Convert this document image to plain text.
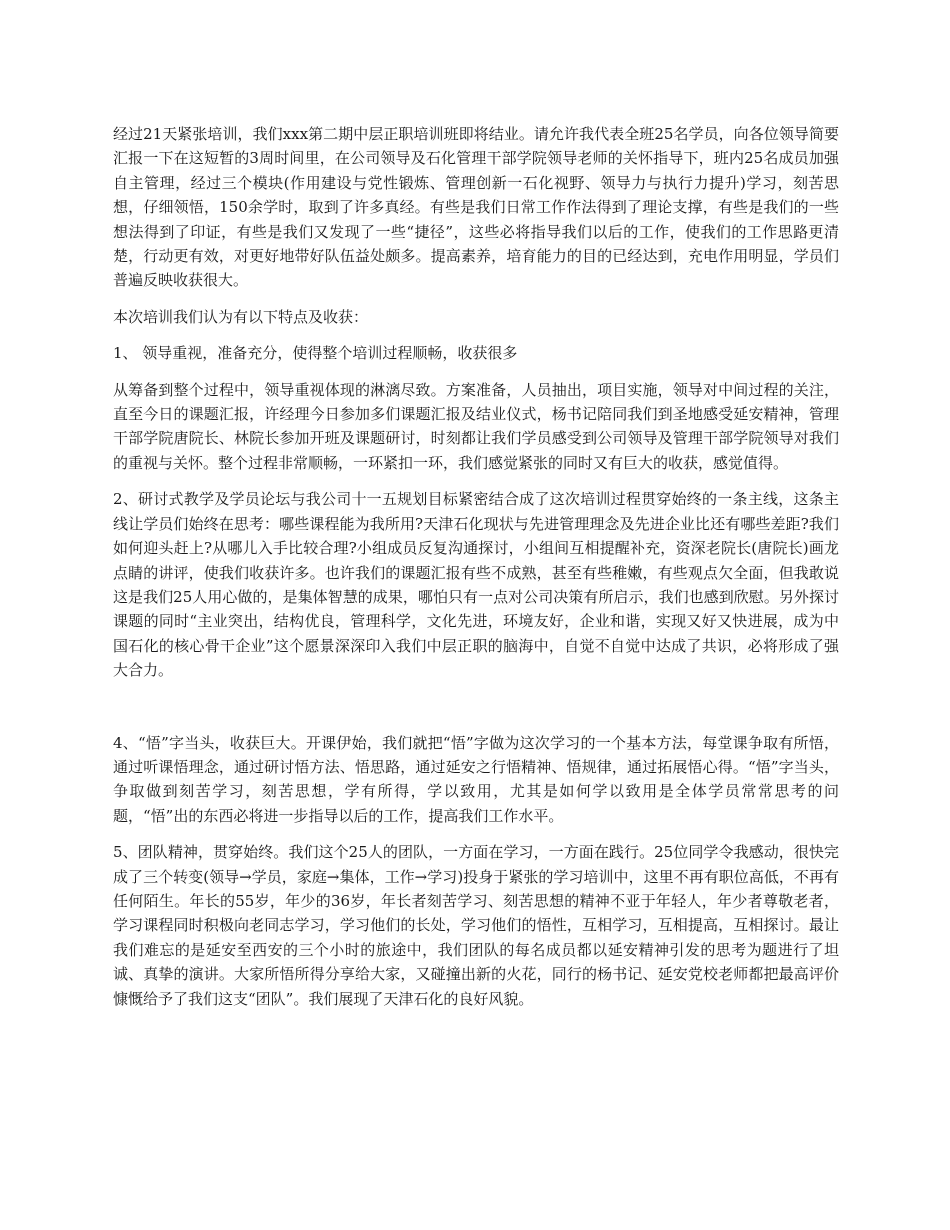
经过21天紧张培训，我们xxx第二期中层正职培训班即将结业。请允许我代表全班25名学员，向各位领导简要汇报一下在这短暂的3周时间里，在公司领导及石化管理干部学院领导老师的关怀指导下，班内25名成员加强自主管理，经过三个模块(作用建设与党性锻炼、管理创新一石化视野、领导力与执行力提升)学习，刻苦思想，仔细领悟，150余学时，取到了许多真经。有些是我们日常工作作法得到了理论支撑，有些是我们的一些想法得到了印证，有些是我们又发现了一些“捷径”，这些必将指导我们以后的工作，使我们的工作思路更清楚，行动更有效，对更好地带好队伍益处颇多。提高素养，培育能力的目的已经达到，充电作用明显，学员们普遍反映收获很大。

本次培训我们认为有以下特点及收获：

1、 领导重视，准备充分，使得整个培训过程顺畅，收获很多

从筹备到整个过程中，领导重视体现的淋漓尽致。方案准备，人员抽出，项目实施，领导对中间过程的关注，直至今日的课题汇报，许经理今日参加多们课题汇报及结业仪式，杨书记陪同我们到圣地感受延安精神，管理干部学院唐院长、林院长参加开班及课题研讨，时刻都让我们学员感受到公司领导及管理干部学院领导对我们的重视与关怀。整个过程非常顺畅，一环紧扣一环，我们感觉紧张的同时又有巨大的收获，感觉值得。

2、研讨式教学及学员论坛与我公司十一五规划目标紧密结合成了这次培训过程贯穿始终的一条主线，这条主线让学员们始终在思考：哪些课程能为我所用?天津石化现状与先进管理理念及先进企业比还有哪些差距?我们如何迎头赶上?从哪儿入手比较合理?小组成员反复沟通探讨，小组间互相提醒补充，资深老院长(唐院长)画龙点睛的讲评，使我们收获许多。也许我们的课题汇报有些不成熟，甚至有些稚嫩，有些观点欠全面，但我敢说这是我们25人用心做的，是集体智慧的成果，哪怕只有一点对公司决策有所启示，我们也感到欣慰。另外探讨课题的同时“主业突出，结构优良，管理科学，文化先进，环境友好，企业和谐，实现又好又快进展，成为中国石化的核心骨干企业”这个愿景深深印入我们中层正职的脑海中，自觉不自觉中达成了共识，必将形成了强大合力。

4、“悟”字当头，收获巨大。开课伊始，我们就把“悟”字做为这次学习的一个基本方法，每堂课争取有所悟，通过听课悟理念，通过研讨悟方法、悟思路，通过延安之行悟精神、悟规律，通过拓展悟心得。“悟”字当头，争取做到刻苦学习，刻苦思想，学有所得，学以致用，尤其是如何学以致用是全体学员常常思考的问题，“悟”出的东西必将进一步指导以后的工作，提高我们工作水平。

5、团队精神，贯穿始终。我们这个25人的团队，一方面在学习，一方面在践行。25位同学令我感动，很快完成了三个转变(领导→学员，家庭→集体，工作→学习)投身于紧张的学习培训中，这里不再有职位高低，不再有任何陌生。年长的55岁，年少的36岁，年长者刻苦学习、刻苦思想的精神不亚于年轻人，年少者尊敬老者，学习课程同时积极向老同志学习，学习他们的长处，学习他们的悟性，互相学习，互相提高，互相探讨。最让我们难忘的是延安至西安的三个小时的旅途中，我们团队的每名成员都以延安精神引发的思考为题进行了坦诚、真挚的演讲。大家所悟所得分享给大家，又碰撞出新的火花，同行的杨书记、延安党校老师都把最高评价慷慨给予了我们这支“团队”。我们展现了天津石化的良好风貌。
